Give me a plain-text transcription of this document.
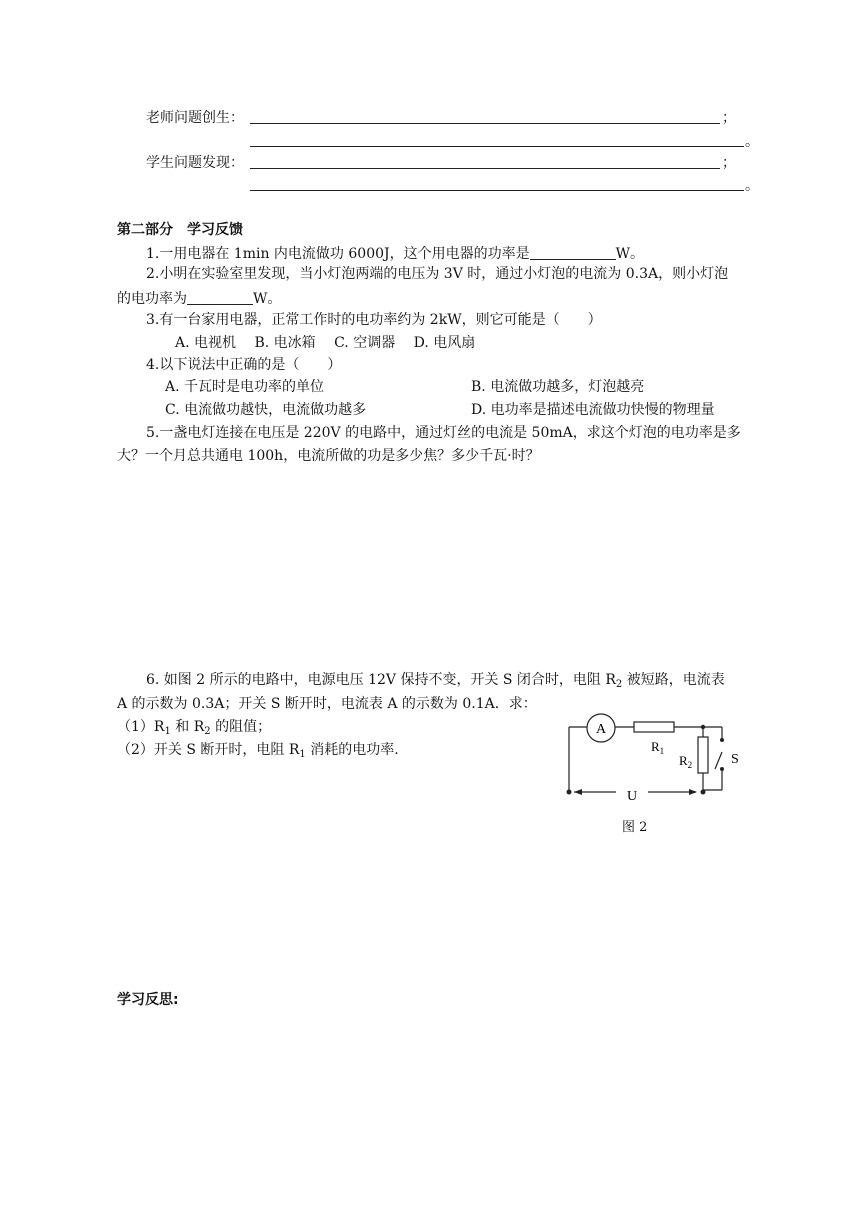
老师问题创生：	；
。
学生问题发现：	；
。
第二部分　学习反馈
1.一用电器在 1min 内电流做功 6000J，这个用电器的功率是	W。
2.小明在实验室里发现，当小灯泡两端的电压为 3V 时，通过小灯泡的电流为 0.3A，则小灯泡
的电功率为	W。
3.有一台家用电器，正常工作时的电功率约为 2kW，则它可能是（　　）
A. 电视机　 B. 电冰箱　 C. 空调器　 D. 电风扇
4.以下说法中正确的是（　　）
A. 千瓦时是电功率的单位	B. 电流做功越多，灯泡越亮
C. 电流做功越快，电流做功越多	D. 电功率是描述电流做功快慢的物理量
5.一盏电灯连接在电压是 220V 的电路中，通过灯丝的电流是 50mA，求这个灯泡的电功率是多
大？一个月总共通电 100h，电流所做的功是多少焦？多少千瓦·时？
6. 如图 2 所示的电路中，电源电压 12V 保持不变，开关 S 闭合时，电阻 $R_2$ 被短路，电流表
A 的示数为 0.3A；开关 S 断开时，电流表 A 的示数为 0.1A．求：
$(1)R_1$ 和 $R_2$ 的阻值；
（2）开关 S 断开时，电阻 $R_1$ 消耗的电功率.
A
$R_1$
$R_2$	S
U
图 2
学习反思:
